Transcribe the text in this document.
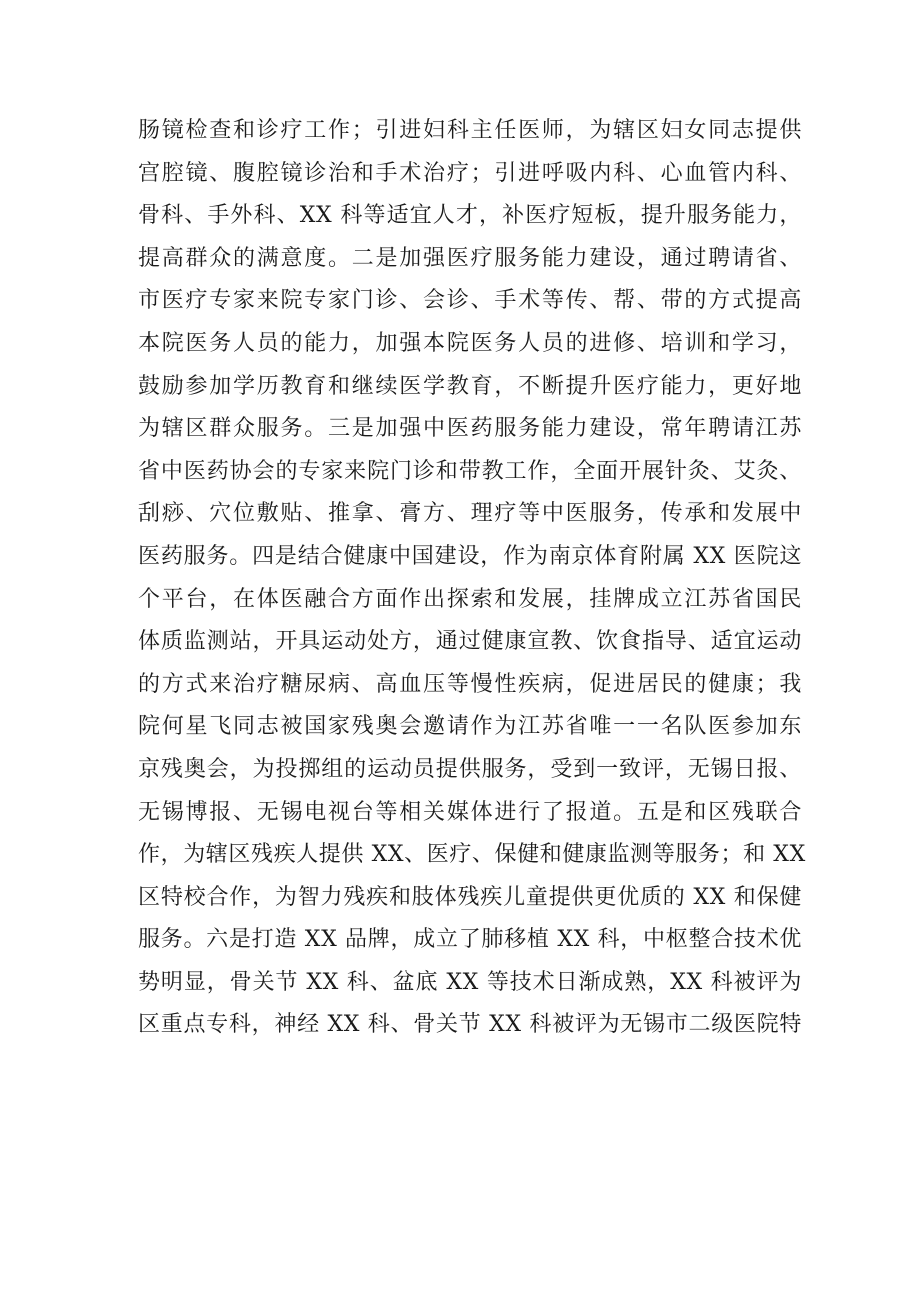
肠镜检查和诊疗工作；引进妇科主任医师，为辖区妇女同志提供
宫腔镜、腹腔镜诊治和手术治疗；引进呼吸内科、心血管内科、
骨科、手外科、XX 科等适宜人才，补医疗短板，提升服务能力，
提高群众的满意度。二是加强医疗服务能力建设，通过聘请省、
市医疗专家来院专家门诊、会诊、手术等传、帮、带的方式提高
本院医务人员的能力，加强本院医务人员的进修、培训和学习，
鼓励参加学历教育和继续医学教育，不断提升医疗能力，更好地
为辖区群众服务。三是加强中医药服务能力建设，常年聘请江苏
省中医药协会的专家来院门诊和带教工作，全面开展针灸、艾灸、
刮痧、穴位敷贴、推拿、膏方、理疗等中医服务，传承和发展中
医药服务。四是结合健康中国建设，作为南京体育附属 XX 医院这
个平台，在体医融合方面作出探索和发展，挂牌成立江苏省国民
体质监测站，开具运动处方，通过健康宣教、饮食指导、适宜运动
的方式来治疗糖尿病、高血压等慢性疾病，促进居民的健康；我
院何星飞同志被国家残奥会邀请作为江苏省唯一一名队医参加东
京残奥会，为投掷组的运动员提供服务，受到一致评，无锡日报、
无锡博报、无锡电视台等相关媒体进行了报道。五是和区残联合
作，为辖区残疾人提供 XX、医疗、保健和健康监测等服务；和 XX
区特校合作，为智力残疾和肢体残疾儿童提供更优质的 XX 和保健
服务。六是打造 XX 品牌，成立了肺移植 XX 科，中枢整合技术优
势明显，骨关节 XX 科、盆底 XX 等技术日渐成熟，XX 科被评为
区重点专科，神经 XX 科、骨关节 XX 科被评为无锡市二级医院特
